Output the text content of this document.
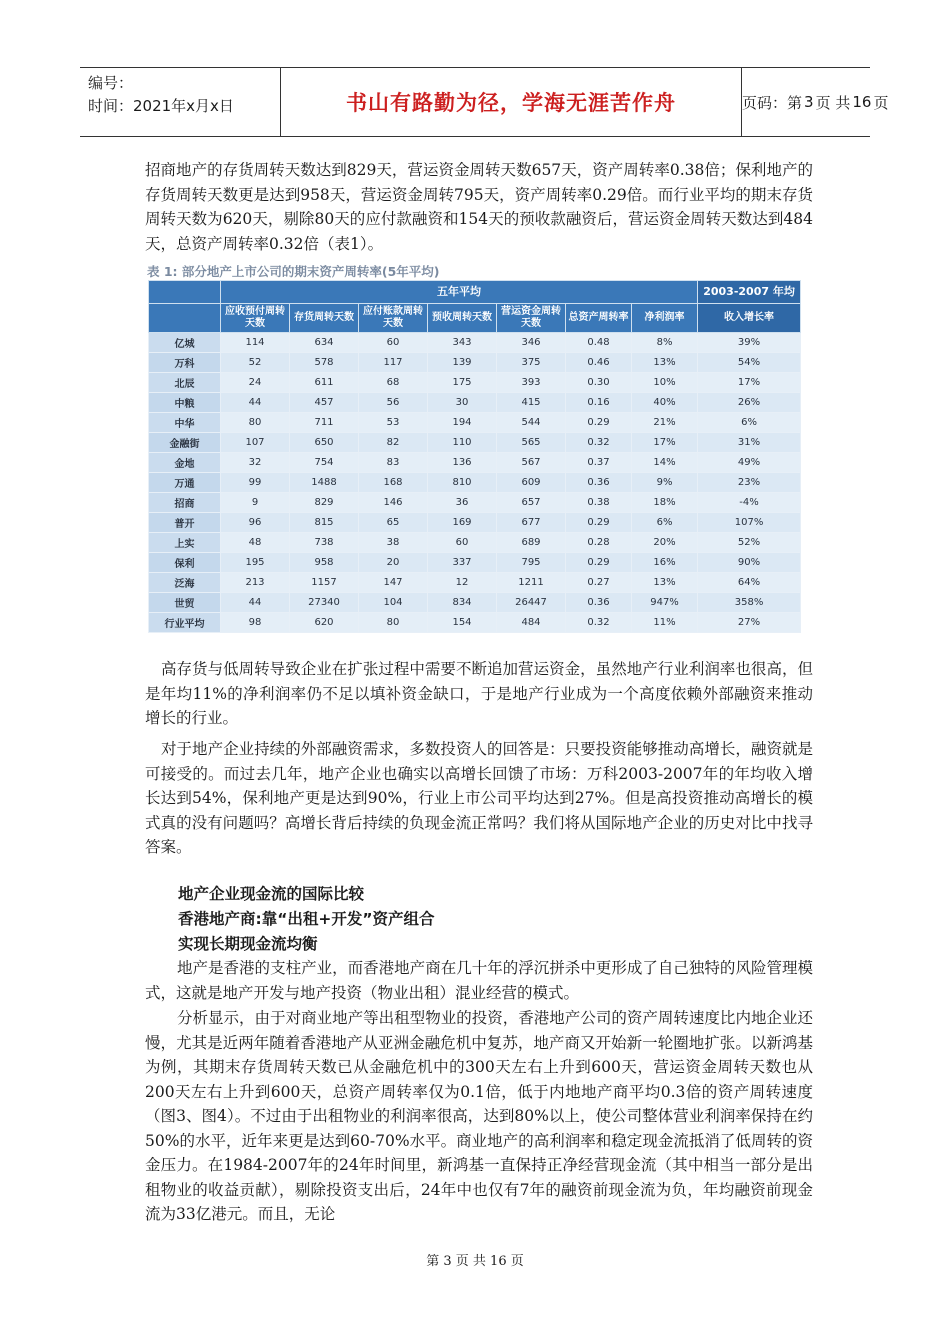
编号：
时间：2021年x月x日	书山有路勤为径，学海无涯苦作舟	页码：第 3 页 共 16 页
招商地产的存货周转天数达到829天，营运资金周转天数657天，资产周转率0.38倍；保利地产的存货周转天数更是达到958天，营运资金周转795天，资产周转率0.29倍。而行业平均的期末存货周转天数为620天，剔除80天的应付款融资和154天的预收款融资后，营运资金周转天数达到484天，总资产周转率0.32倍（表1）。
表 1: 部分地产上市公司的期末资产周转率(5年平均)
	五年平均							2003-2007 年均
	应收预付周转天数	存货周转天数	应付账款周转天数	预收周转天数	营运资金周转天数	总资产周转率	净利润率	收入增长率
亿城	114	634	60	343	346	0.48	8%	39%
万科	52	578	117	139	375	0.46	13%	54%
北辰	24	611	68	175	393	0.30	10%	17%
中粮	44	457	56	30	415	0.16	40%	26%
中华	80	711	53	194	544	0.29	21%	6%
金融街	107	650	82	110	565	0.32	17%	31%
金地	32	754	83	136	567	0.37	14%	49%
万通	99	1488	168	810	609	0.36	9%	23%
招商	9	829	146	36	657	0.38	18%	-4%
普开	96	815	65	169	677	0.29	6%	107%
上实	48	738	38	60	689	0.28	20%	52%
保利	195	958	20	337	795	0.29	16%	90%
泛海	213	1157	147	12	1211	0.27	13%	64%
世贸	44	27340	104	834	26447	0.36	947%	358%
行业平均	98	620	80	154	484	0.32	11%	27%
高存货与低周转导致企业在扩张过程中需要不断追加营运资金，虽然地产行业利润率也很高，但是年均11%的净利润率仍不足以填补资金缺口，于是地产行业成为一个高度依赖外部融资来推动增长的行业。
对于地产企业持续的外部融资需求，多数投资人的回答是：只要投资能够推动高增长，融资就是可接受的。而过去几年，地产企业也确实以高增长回馈了市场：万科2003-2007年的年均收入增长达到54%，保利地产更是达到90%，行业上市公司平均达到27%。但是高投资推动高增长的模式真的没有问题吗？高增长背后持续的负现金流正常吗？我们将从国际地产企业的历史对比中找寻答案。
地产企业现金流的国际比较
香港地产商:靠“出租+开发”资产组合
实现长期现金流均衡
地产是香港的支柱产业，而香港地产商在几十年的浮沉拼杀中更形成了自己独特的风险管理模式，这就是地产开发与地产投资（物业出租）混业经营的模式。
分析显示，由于对商业地产等出租型物业的投资，香港地产公司的资产周转速度比内地企业还慢，尤其是近两年随着香港地产从亚洲金融危机中复苏，地产商又开始新一轮圈地扩张。以新鸿基为例，其期末存货周转天数已从金融危机中的300天左右上升到600天，营运资金周转天数也从200天左右上升到600天，总资产周转率仅为0.1倍，低于内地地产商平均0.3倍的资产周转速度（图3、图4）。不过由于出租物业的利润率很高，达到80%以上，使公司整体营业利润率保持在约50%的水平，近年来更是达到60-70%水平。商业地产的高利润率和稳定现金流抵消了低周转的资金压力。在1984-2007年的24年时间里，新鸿基一直保持正净经营现金流（其中相当一部分是出租物业的收益贡献），剔除投资支出后，24年中也仅有7年的融资前现金流为负，年均融资前现金流为33亿港元。而且，无论
第 3 页 共 16 页
